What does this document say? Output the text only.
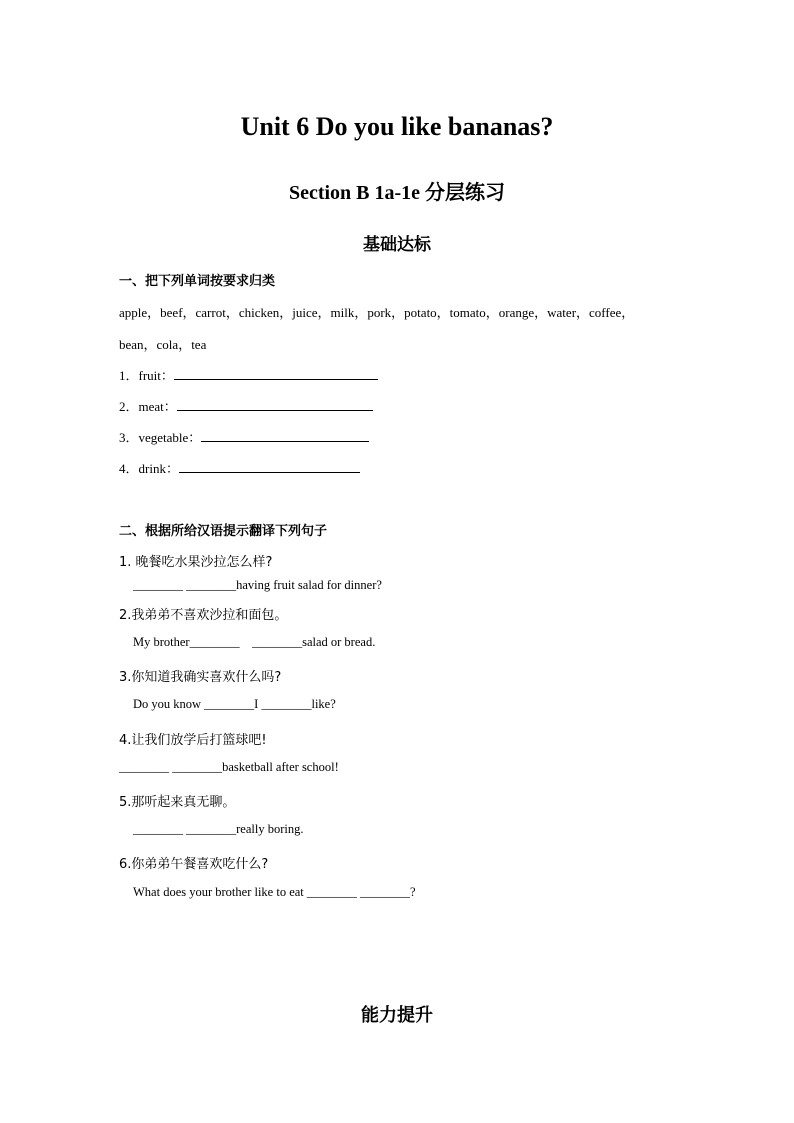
Unit 6 Do you like bananas?
Section B 1a-1e 分层练习
基础达标
一、把下列单词按要求归类
apple，beef，carrot，chicken，juice，milk，pork，potato，tomato，orange，water，coffee，
bean，cola，tea
1．fruit：
2．meat：
3．vegetable：
4．drink：
二、根据所给汉语提示翻译下列句子
1. 晚餐吃水果沙拉怎么样?
________ ________having fruit salad for dinner?
2.我弟弟不喜欢沙拉和面包。
My brother________    ________salad or bread.
3.你知道我确实喜欢什么吗?
Do you know ________I ________like?
4.让我们放学后打篮球吧!
________ ________basketball after school!
5.那听起来真无聊。
________ ________really boring.
6.你弟弟午餐喜欢吃什么?
What does your brother like to eat ________ ________?
能力提升
